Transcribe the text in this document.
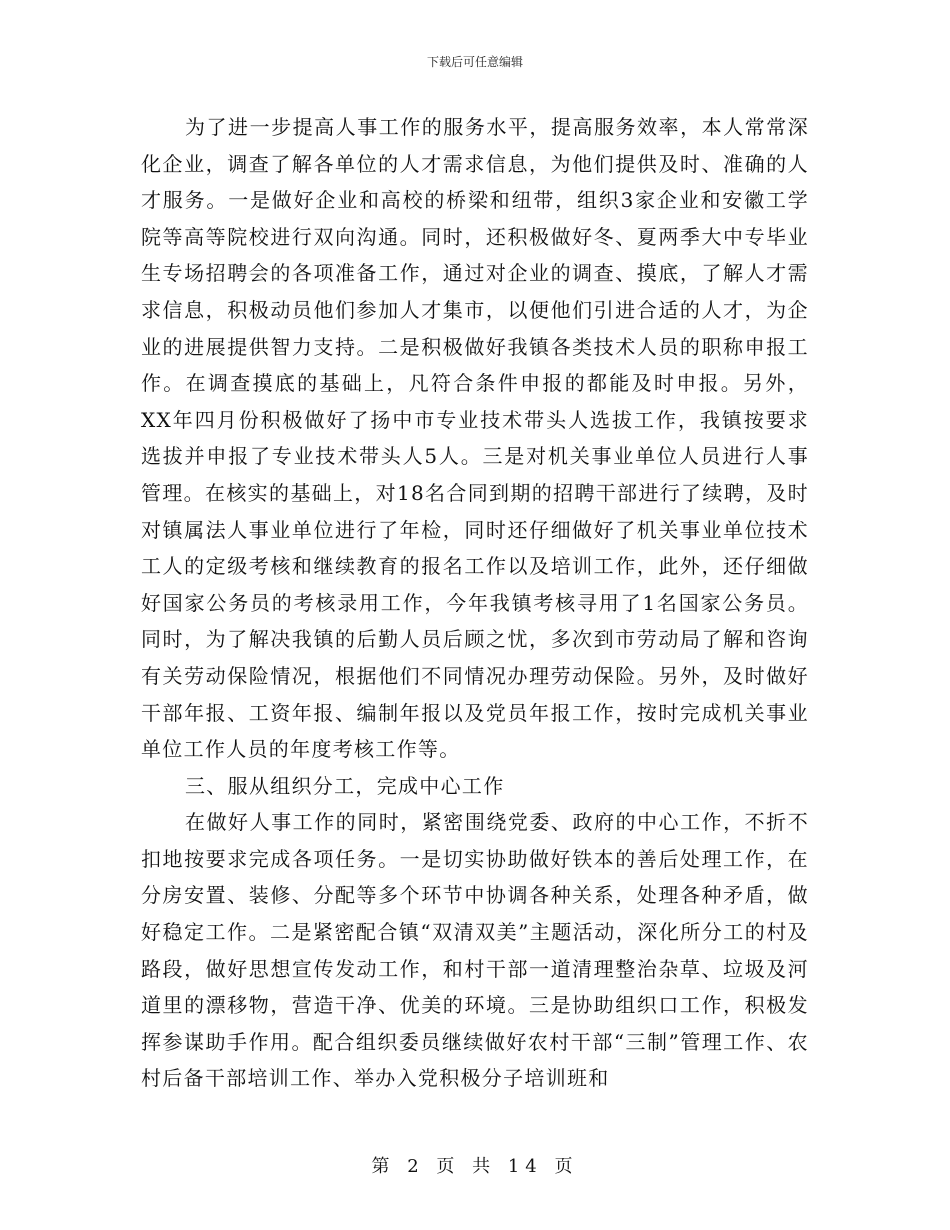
下载后可任意编辑

为了进一步提高人事工作的服务水平，提高服务效率，本人常常深化企业，调查了解各单位的人才需求信息，为他们提供及时、准确的人才服务。一是做好企业和高校的桥梁和纽带，组织3家企业和安徽工学院等高等院校进行双向沟通。同时，还积极做好冬、夏两季大中专毕业生专场招聘会的各项准备工作，通过对企业的调查、摸底，了解人才需求信息，积极动员他们参加人才集市，以便他们引进合适的人才，为企业的进展提供智力支持。二是积极做好我镇各类技术人员的职称申报工作。在调查摸底的基础上，凡符合条件申报的都能及时申报。另外，XX年四月份积极做好了扬中市专业技术带头人选拔工作，我镇按要求选拔并申报了专业技术带头人5人。三是对机关事业单位人员进行人事管理。在核实的基础上，对18名合同到期的招聘干部进行了续聘，及时对镇属法人事业单位进行了年检，同时还仔细做好了机关事业单位技术工人的定级考核和继续教育的报名工作以及培训工作，此外，还仔细做好国家公务员的考核录用工作，今年我镇考核寻用了1名国家公务员。同时，为了解决我镇的后勤人员后顾之忧，多次到市劳动局了解和咨询有关劳动保险情况，根据他们不同情况办理劳动保险。另外，及时做好干部年报、工资年报、编制年报以及党员年报工作，按时完成机关事业单位工作人员的年度考核工作等。

三、服从组织分工，完成中心工作

在做好人事工作的同时，紧密围绕党委、政府的中心工作，不折不扣地按要求完成各项任务。一是切实协助做好铁本的善后处理工作，在分房安置、装修、分配等多个环节中协调各种关系，处理各种矛盾，做好稳定工作。二是紧密配合镇“双清双美”主题活动，深化所分工的村及路段，做好思想宣传发动工作，和村干部一道清理整治杂草、垃圾及河道里的漂移物，营造干净、优美的环境。三是协助组织口工作，积极发挥参谋助手作用。配合组织委员继续做好农村干部“三制”管理工作、农村后备干部培训工作、举办入党积极分子培训班和

第 2 页 共 14 页
